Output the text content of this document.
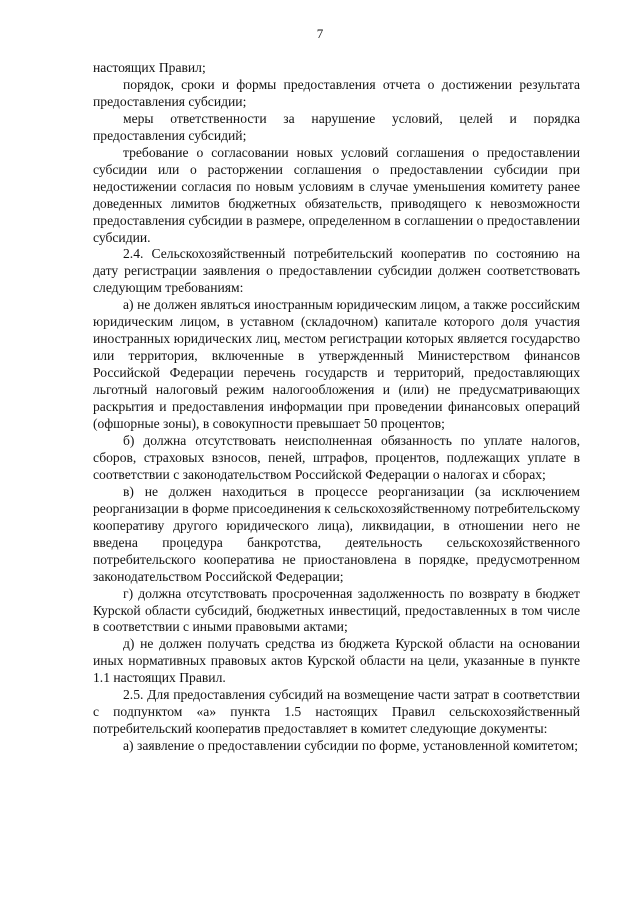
7

настоящих Правил;

порядок, сроки и формы предоставления отчета о достижении результата предоставления субсидии;

меры ответственности за нарушение условий, целей и порядка предоставления субсидий;

требование о согласовании новых условий соглашения о предоставлении субсидии или о расторжении соглашения о предоставлении субсидии при недостижении согласия по новым условиям в случае уменьшения комитету ранее доведенных лимитов бюджетных обязательств, приводящего к невозможности предоставления субсидии в размере, определенном в соглашении о предоставлении субсидии.

2.4. Сельскохозяйственный потребительский кооператив по состоянию на дату регистрации заявления о предоставлении субсидии должен соответствовать следующим требованиям:

а) не должен являться иностранным юридическим лицом, а также российским юридическим лицом, в уставном (складочном) капитале которого доля участия иностранных юридических лиц, местом регистрации которых является государство или территория, включенные в утвержденный Министерством финансов Российской Федерации перечень государств и территорий, предоставляющих льготный налоговый режим налогообложения и (или) не предусматривающих раскрытия и предоставления информации при проведении финансовых операций (офшорные зоны), в совокупности превышает 50 процентов;

б) должна отсутствовать неисполненная обязанность по уплате налогов, сборов, страховых взносов, пеней, штрафов, процентов, подлежащих уплате в соответствии с законодательством Российской Федерации о налогах и сборах;

в) не должен находиться в процессе реорганизации (за исключением реорганизации в форме присоединения к сельскохозяйственному потребительскому кооперативу другого юридического лица), ликвидации, в отношении него не введена процедура банкротства, деятельность сельскохозяйственного потребительского кооператива не приостановлена в порядке, предусмотренном законодательством Российской Федерации;

г) должна отсутствовать просроченная задолженность по возврату в бюджет Курской области субсидий, бюджетных инвестиций, предоставленных в том числе в соответствии с иными правовыми актами;

д) не должен получать средства из бюджета Курской области на основании иных нормативных правовых актов Курской области на цели, указанные в пункте 1.1 настоящих Правил.

2.5. Для предоставления субсидий на возмещение части затрат в соответствии с подпунктом «а» пункта 1.5 настоящих Правил сельскохозяйственный потребительский кооператив предоставляет в комитет следующие документы:

а) заявление о предоставлении субсидии по форме, установленной комитетом;
